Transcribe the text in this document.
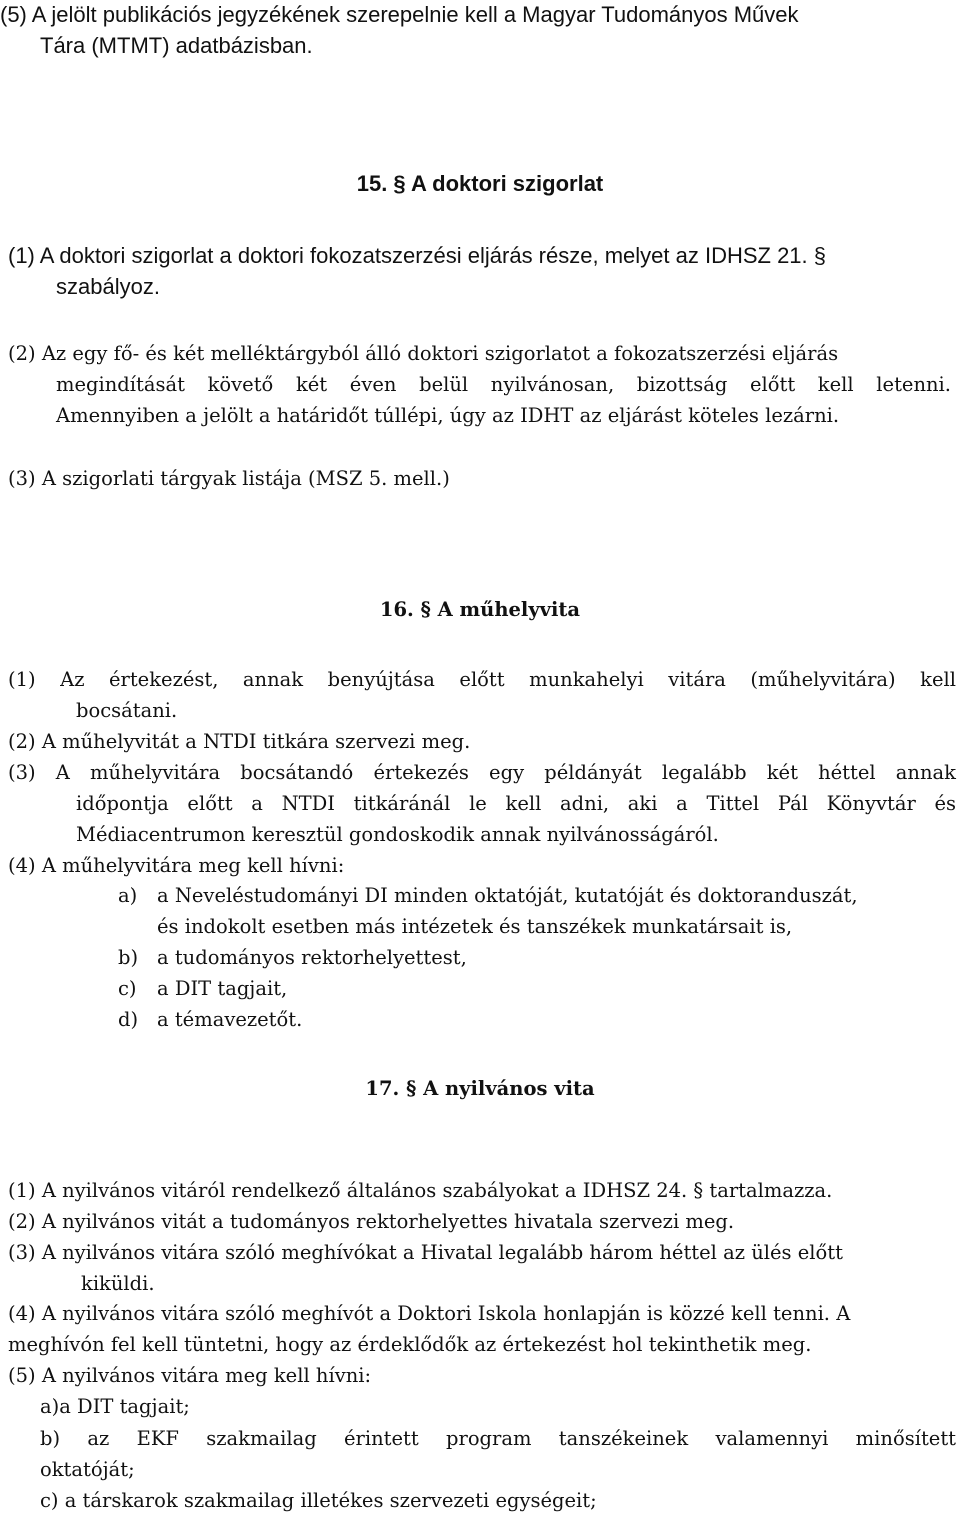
(5) A jelölt publikációs jegyzékének szerepelnie kell a Magyar Tudományos Művek
Tára (MTMT) adatbázisban.
15. § A doktori szigorlat
(1) A doktori szigorlat a doktori fokozatszerzési eljárás része, melyet az IDHSZ 21. §
szabályoz.
(2) Az egy fő- és két melléktárgyból álló doktori szigorlatot a fokozatszerzési eljárás
megindítását követő két éven belül nyilvánosan, bizottság előtt kell letenni.
Amennyiben a jelölt a határidőt túllépi, úgy az IDHT az eljárást köteles lezárni.
(3) A szigorlati tárgyak listája (MSZ 5. mell.)
16. § A műhelyvita
(1) Az értekezést, annak benyújtása előtt munkahelyi vitára (műhelyvitára) kell
bocsátani.
(2) A műhelyvitát a NTDI titkára szervezi meg.
(3) A műhelyvitára bocsátandó értekezés egy példányát legalább két héttel annak
időpontja előtt a NTDI titkáránál le kell adni, aki a Tittel Pál Könyvtár és
Médiacentrumon keresztül gondoskodik annak nyilvánosságáról.
(4) A műhelyvitára meg kell hívni:
a) a Neveléstudományi DI minden oktatóját, kutatóját és doktoranduszát,
és indokolt esetben más intézetek és tanszékek munkatársait is,
b) a tudományos rektorhelyettest,
c) a DIT tagjait,
d) a témavezetőt.
17. § A nyilvános vita
(1) A nyilvános vitáról rendelkező általános szabályokat a IDHSZ 24. § tartalmazza.
(2) A nyilvános vitát a tudományos rektorhelyettes hivatala szervezi meg.
(3) A nyilvános vitára szóló meghívókat a Hivatal legalább három héttel az ülés előtt
kiküldi.
(4) A nyilvános vitára szóló meghívót a Doktori Iskola honlapján is közzé kell tenni. A
meghívón fel kell tüntetni, hogy az érdeklődők az értekezést hol tekinthetik meg.
(5) A nyilvános vitára meg kell hívni:
a)a DIT tagjait;
b) az EKF szakmailag érintett program tanszékeinek valamennyi minősített
oktatóját;
c) a társkarok szakmailag illetékes szervezeti egységeit;
